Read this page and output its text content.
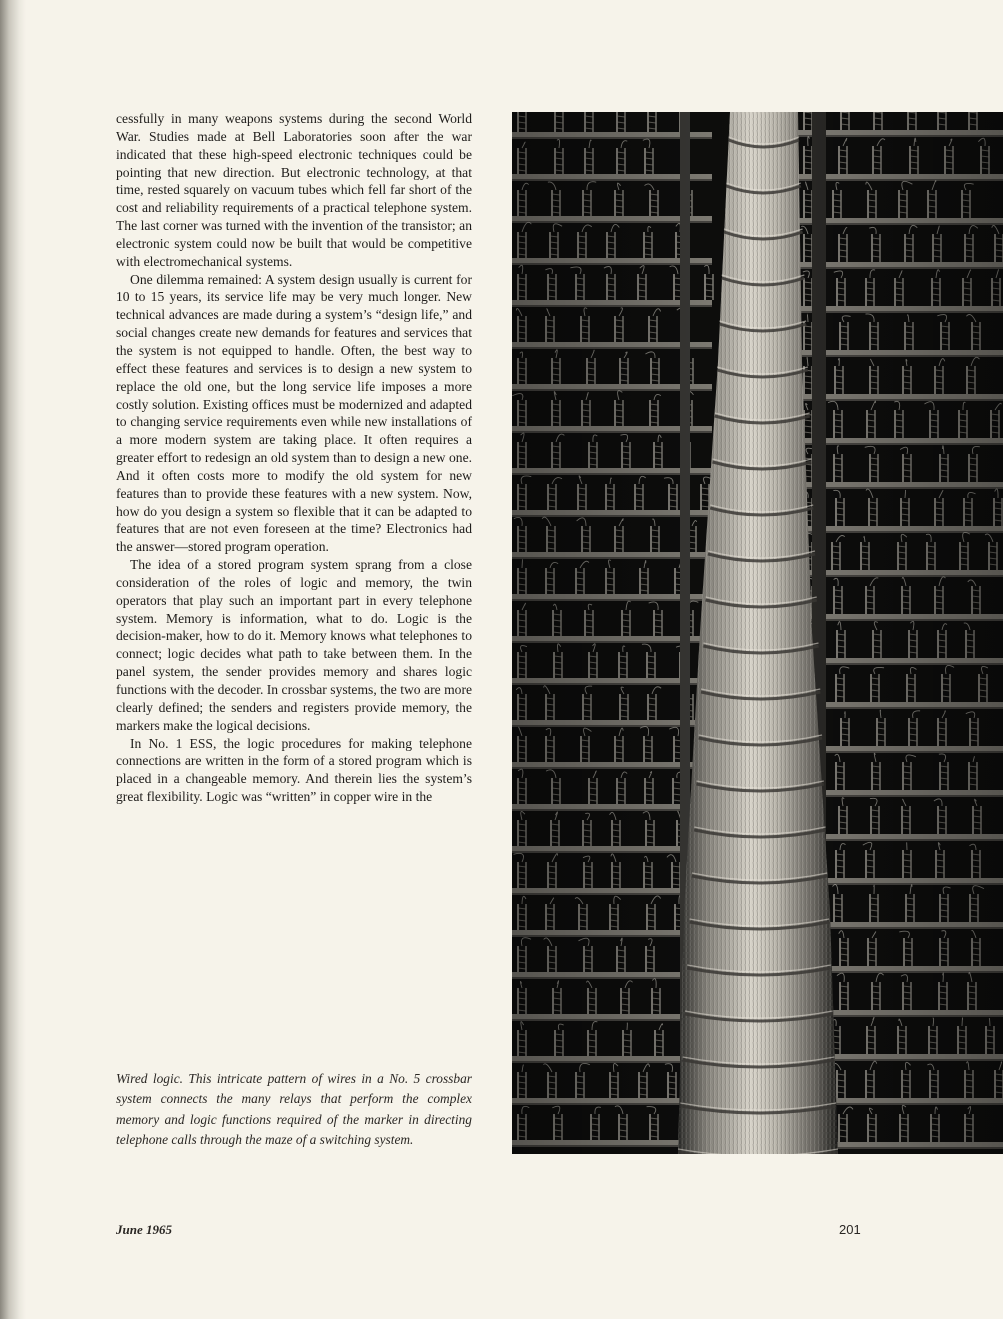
cessfully in many weapons systems during the second World War. Studies made at Bell Laboratories soon after the war indicated that these high-speed electronic techniques could be pointing that new direction. But electronic technology, at that time, rested squarely on vacuum tubes which fell far short of the cost and reliability requirements of a practical telephone system. The last corner was turned with the invention of the transistor; an electronic system could now be built that would be competitive with electromechanical systems.

One dilemma remained: A system design usually is current for 10 to 15 years, its service life may be very much longer. New technical advances are made during a system’s “design life,” and social changes create new demands for features and services that the system is not equipped to handle. Often, the best way to effect these features and services is to design a new system to replace the old one, but the long service life imposes a more costly solution. Existing offices must be modernized and adapted to changing service requirements even while new installations of a more modern system are taking place. It often requires a greater effort to redesign an old system than to design a new one. And it often costs more to modify the old system for new features than to provide these features with a new system. Now, how do you design a system so flexible that it can be adapted to features that are not even foreseen at the time? Electronics had the answer—stored program operation.

The idea of a stored program system sprang from a close consideration of the roles of logic and memory, the twin operators that play such an important part in every telephone system. Memory is information, what to do. Logic is the decision-maker, how to do it. Memory knows what telephones to connect; logic decides what path to take between them. In the panel system, the sender provides memory and shares logic functions with the decoder. In crossbar systems, the two are more clearly defined; the senders and registers provide memory, the markers make the logical decisions.

In No. 1 ESS, the logic procedures for making telephone connections are written in the form of a stored program which is placed in a changeable memory. And therein lies the system’s great flexibility. Logic was “written” in copper wire in the

Wired logic. This intricate pattern of wires in a No. 5 crossbar system connects the many relays that perform the complex memory and logic functions required of the marker in directing telephone calls through the maze of a switching system.

June 1965	201
